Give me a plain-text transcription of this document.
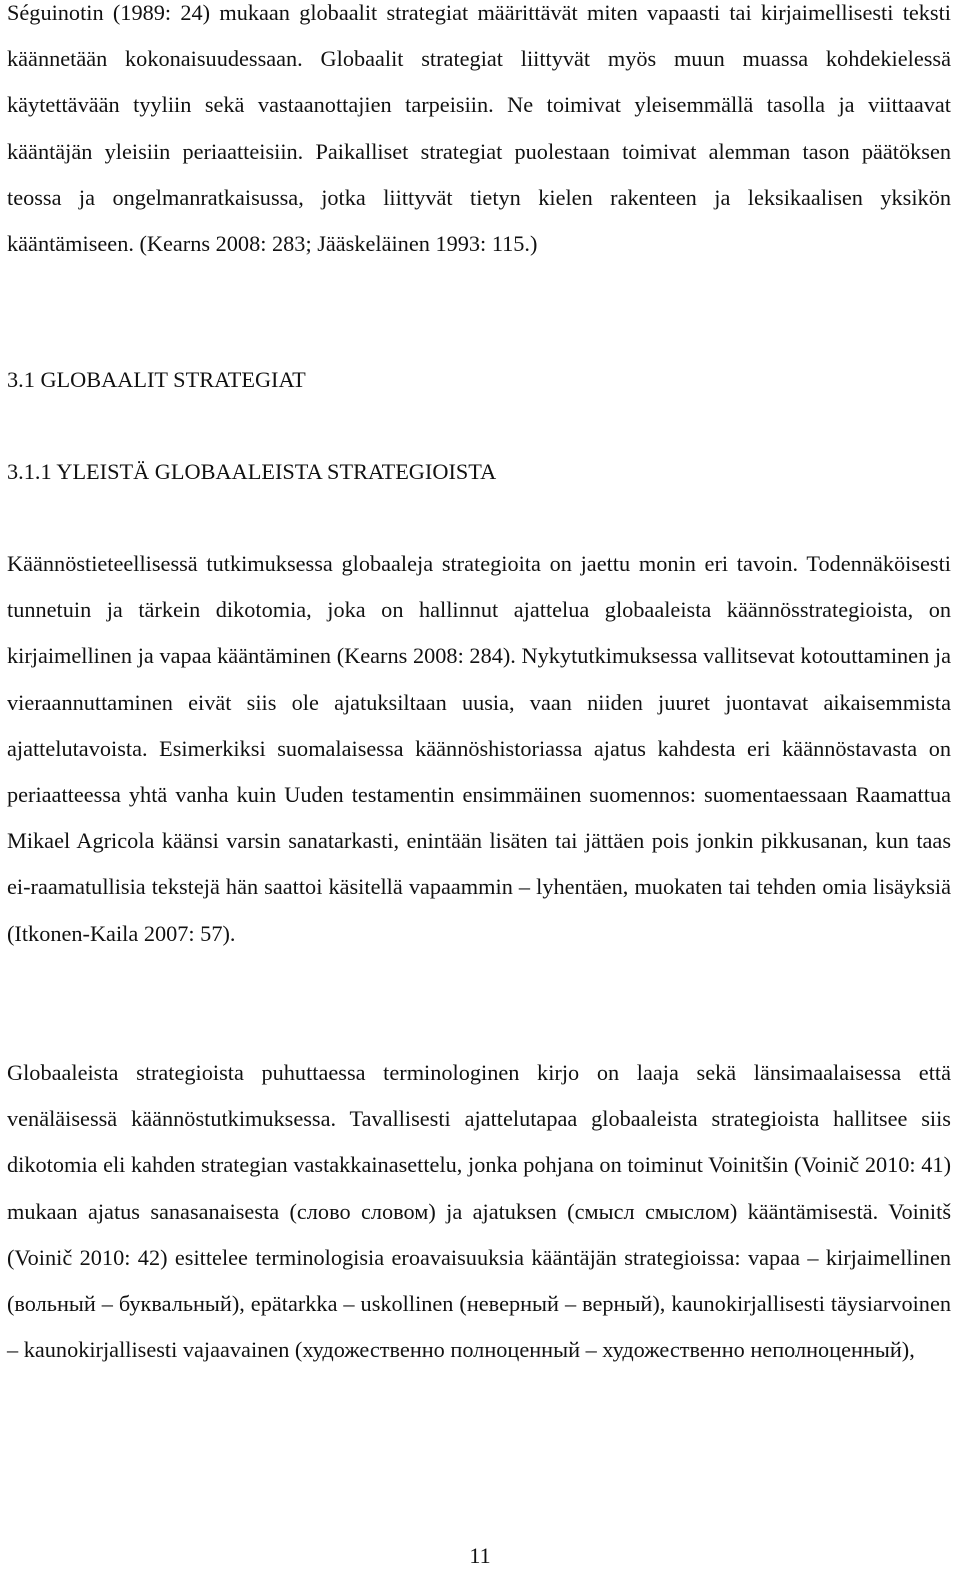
Séguinotin (1989: 24) mukaan globaalit strategiat määrittävät miten vapaasti tai kirjaimellisesti teksti käännetään kokonaisuudessaan. Globaalit strategiat liittyvät myös muun muassa kohdekielessä käytettävään tyyliin sekä vastaanottajien tarpeisiin. Ne toimivat yleisemmällä tasolla ja viittaavat kääntäjän yleisiin periaatteisiin. Paikalliset strategiat puolestaan toimivat alemman tason päätöksen teossa ja ongelmanratkaisussa, jotka liittyvät tietyn kielen rakenteen ja leksikaalisen yksikön kääntämiseen. (Kearns 2008: 283; Jääskeläinen 1993: 115.)

3.1 GLOBAALIT STRATEGIAT
3.1.1 YLEISTÄ GLOBAALEISTA STRATEGIOISTA

Käännöstieteellisessä tutkimuksessa globaaleja strategioita on jaettu monin eri tavoin. Todennäköisesti tunnetuin ja tärkein dikotomia, joka on hallinnut ajattelua globaaleista käännösstrategioista, on kirjaimellinen ja vapaa kääntäminen (Kearns 2008: 284). Nykytutkimuksessa vallitsevat kotouttaminen ja vieraannuttaminen eivät siis ole ajatuksiltaan uusia, vaan niiden juuret juontavat aikaisemmista ajattelutavoista. Esimerkiksi suomalaisessa käännöshistoriassa ajatus kahdesta eri käännöstavasta on periaatteessa yhtä vanha kuin Uuden testamentin ensimmäinen suomennos: suomentaessaan Raamattua Mikael Agricola käänsi varsin sanatarkasti, enintään lisäten tai jättäen pois jonkin pikkusanan, kun taas ei-raamatullisia tekstejä hän saattoi käsitellä vapaammin – lyhentäen, muokaten tai tehden omia lisäyksiä (Itkonen-Kaila 2007: 57).

Globaaleista strategioista puhuttaessa terminologinen kirjo on laaja sekä länsimaalaisessa että venäläisessä käännöstutkimuksessa. Tavallisesti ajattelutapaa globaaleista strategioista hallitsee siis dikotomia eli kahden strategian vastakkainasettelu, jonka pohjana on toiminut Voinitšin (Voinič 2010: 41) mukaan ajatus sanasanaisesta (слово словом) ja ajatuksen (смысл смыслом) kääntämisestä. Voinitš (Voinič 2010: 42) esittelee terminologisia eroavaisuuksia kääntäjän strategioissa: vapaa – kirjaimellinen (вольный – буквальный), epätarkka – uskollinen (неверный – верный), kaunokirjallisesti täysiarvoinen – kaunokirjallisesti vajaavainen (художественно полноценный – художественно неполноценный),

11
